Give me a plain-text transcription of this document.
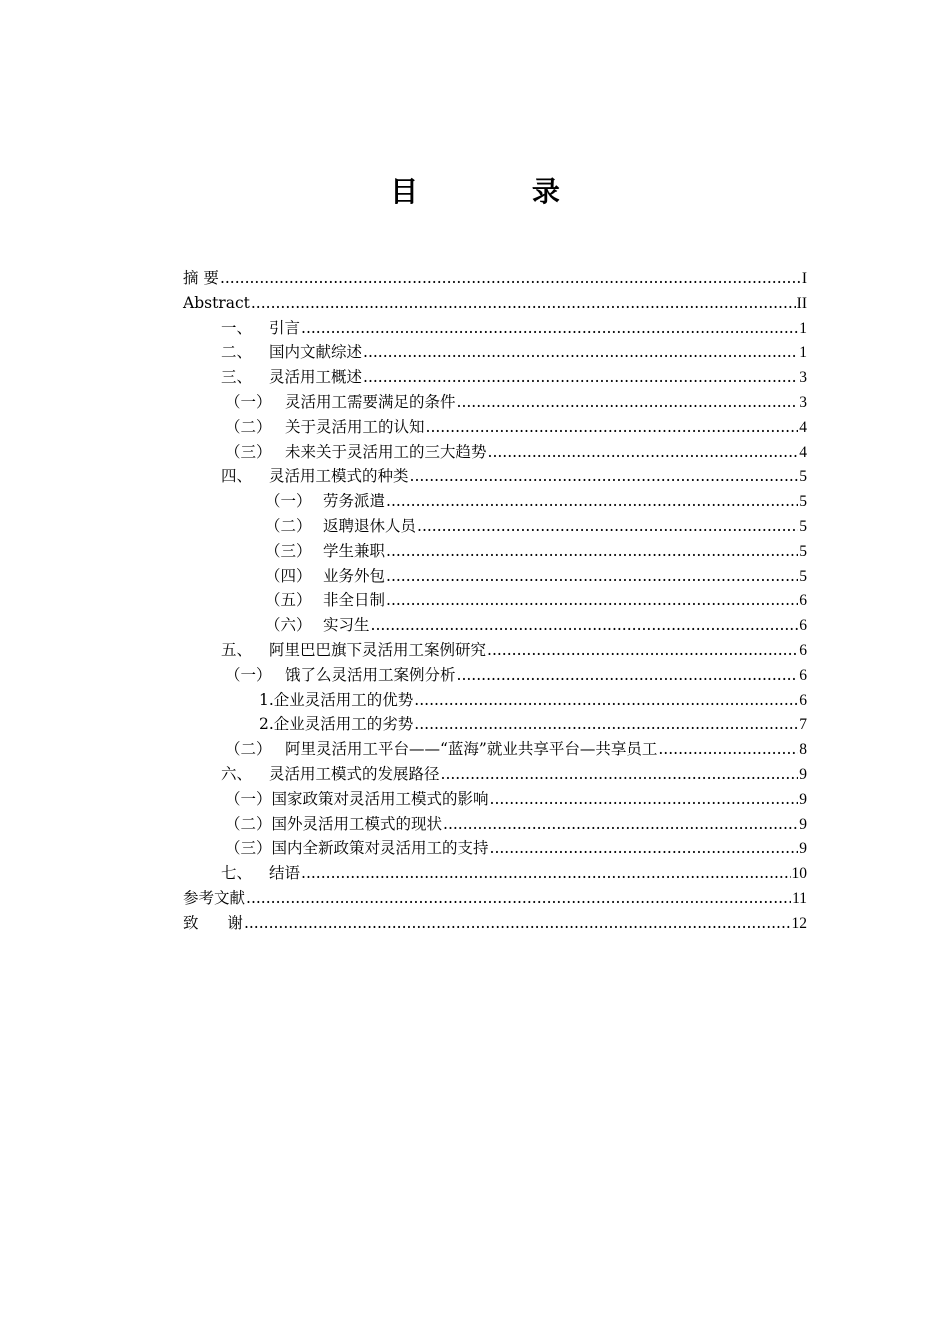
目 录
摘 要 .....	I
Abstract .....	II
一、	引言 .....	1
二、	国内文献综述 .....	1
三、	灵活用工概述 .....	3
（一） 灵活用工需要满足的条件 .....	3
（二） 关于灵活用工的认知 .....	4
（三） 未来关于灵活用工的三大趋势 .....	4
四、	灵活用工模式的种类 .....	5
（一） 劳务派遣 .....	5
（二） 返聘退休人员 .....	5
（三） 学生兼职 .....	5
（四） 业务外包 .....	5
（五） 非全日制 .....	6
（六） 实习生 .....	6
五、	阿里巴巴旗下灵活用工案例研究 .....	6
（一） 饿了么灵活用工案例分析 .....	6
1.企业灵活用工的优势 .....	6
2.企业灵活用工的劣势 .....	7
（二） 阿里灵活用工平台——“蓝海”就业共享平台—共享员工 .....	8
六、	灵活用工模式的发展路径 .....	9
（一）国家政策对灵活用工模式的影响 .....	9
（二）国外灵活用工模式的现状 .....	9
（三）国内全新政策对灵活用工的支持 .....	9
七、	结语 .....	10
参考文献 .....	11
致 谢 .....	12
